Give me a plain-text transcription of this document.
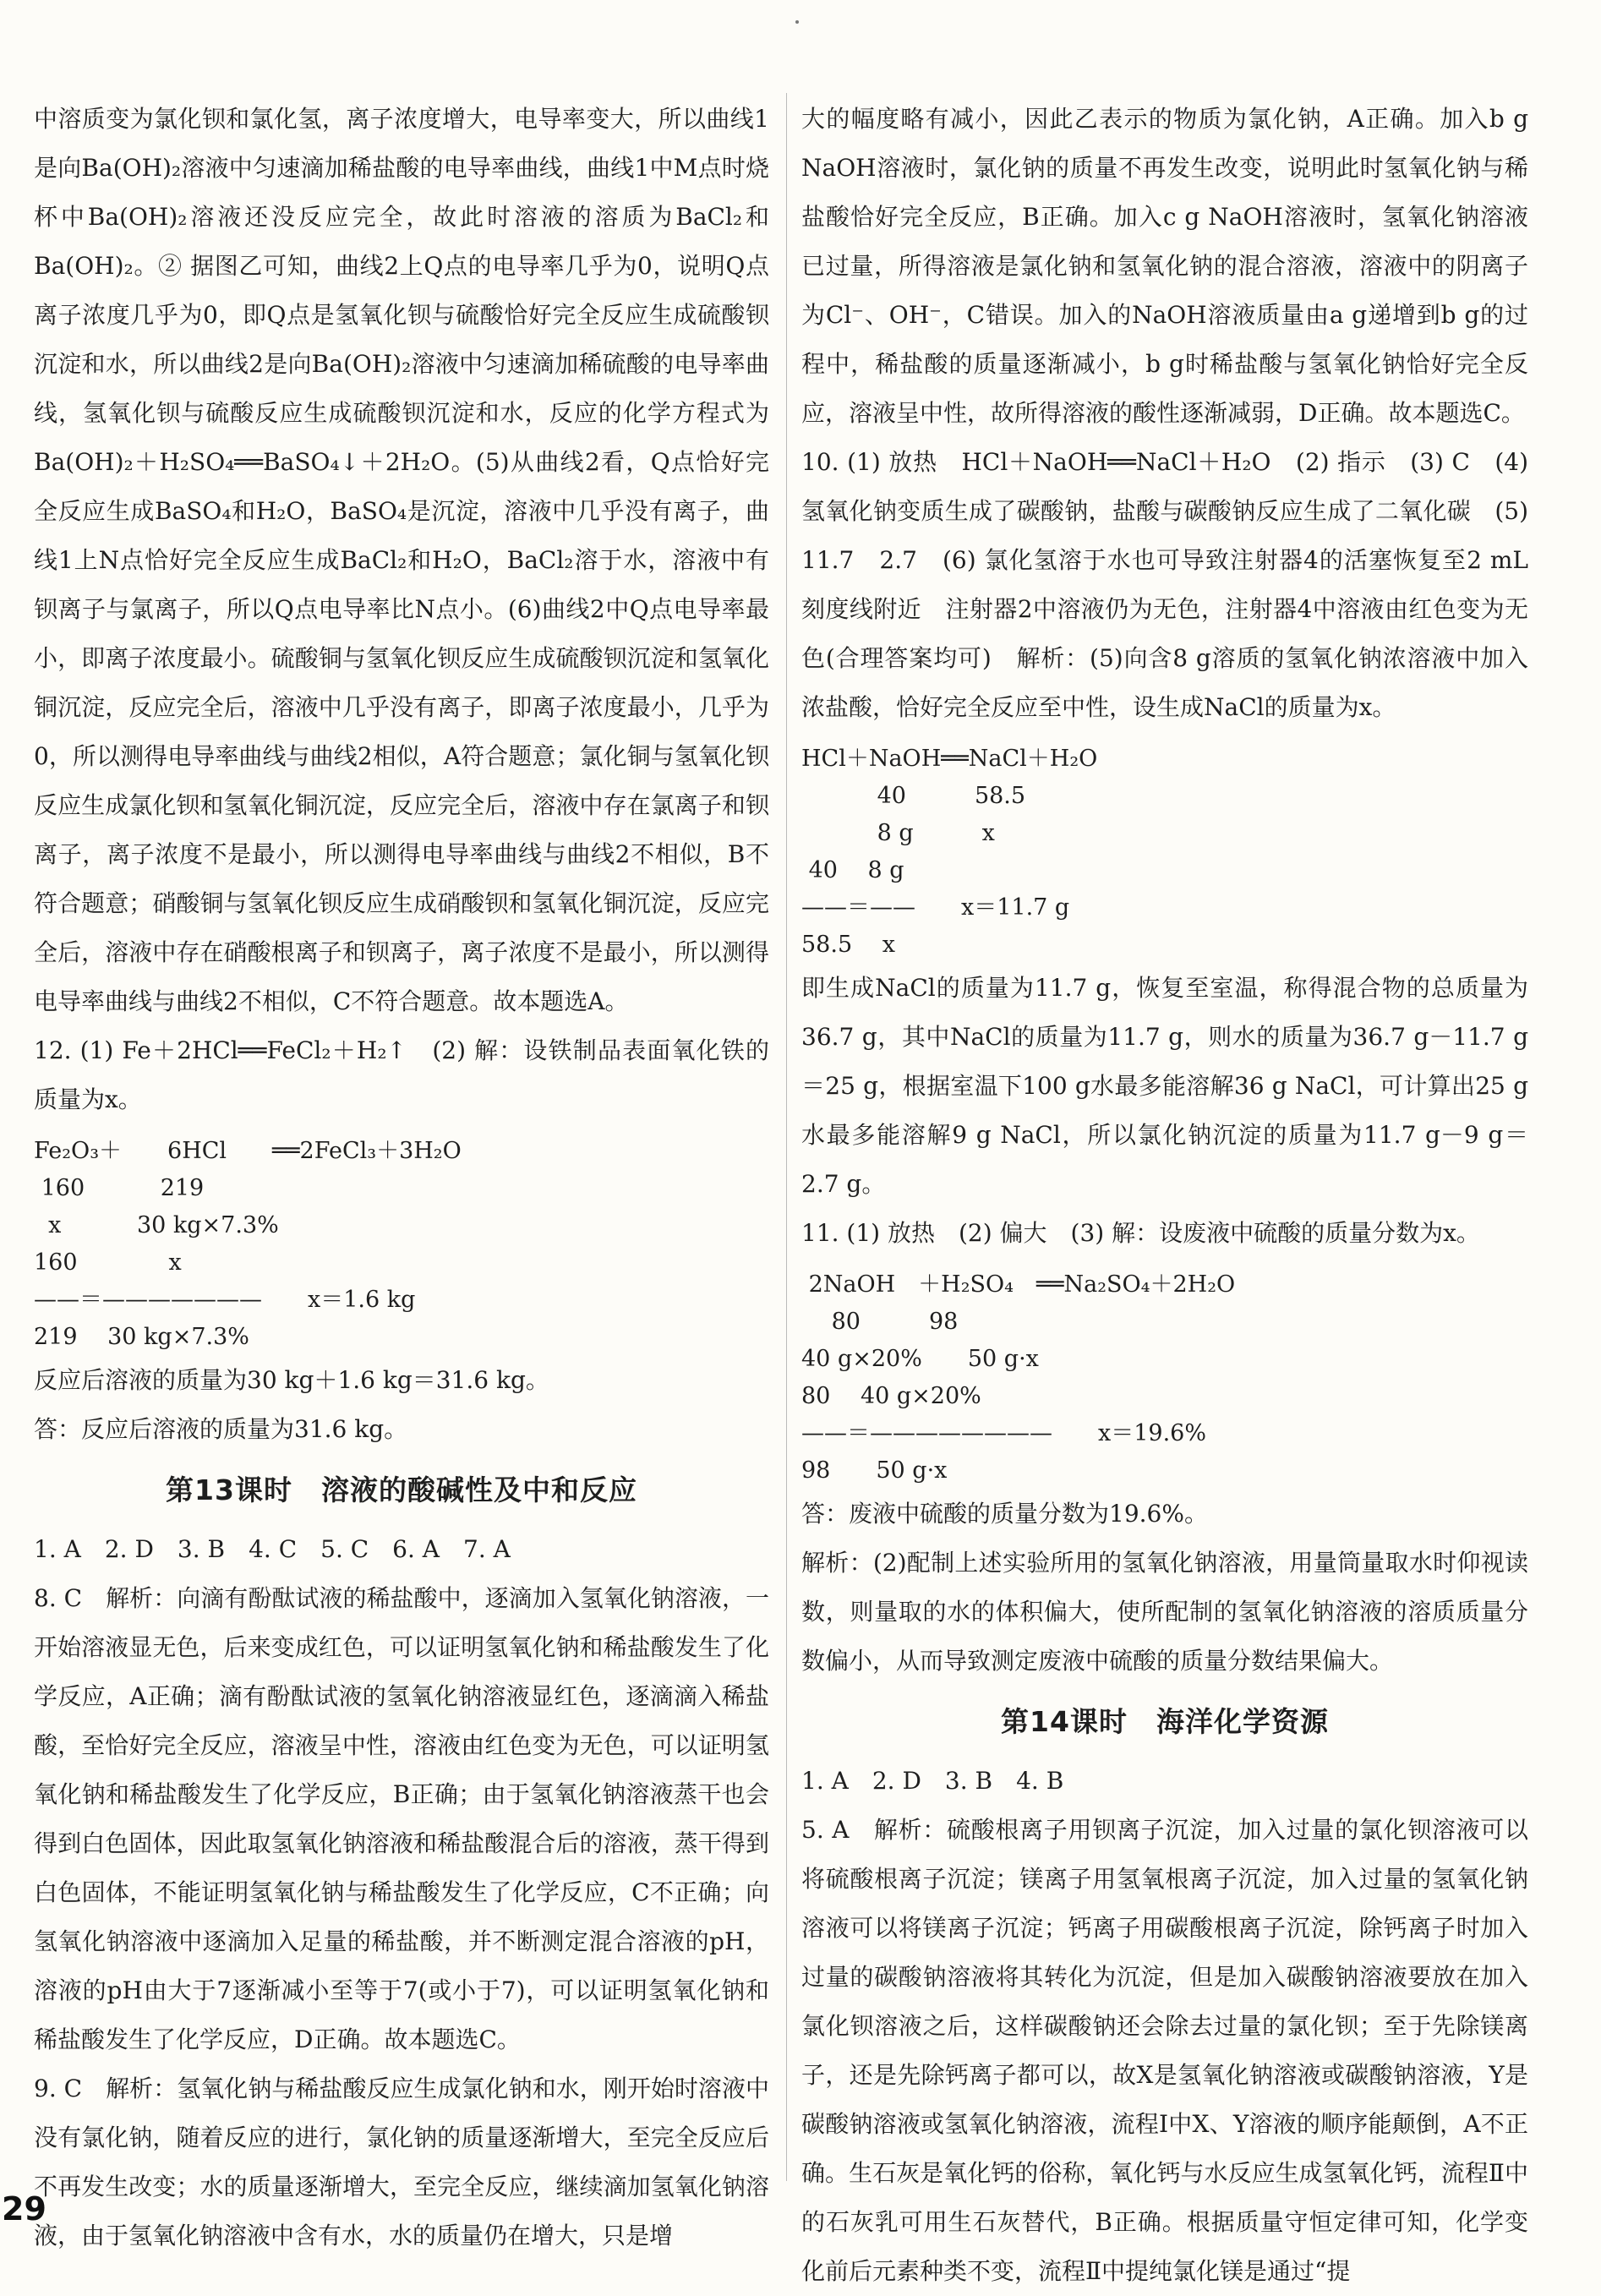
中溶质变为氯化钡和氯化氢，离子浓度增大，电导率变大，所以曲线1是向Ba(OH)₂溶液中匀速滴加稀盐酸的电导率曲线，曲线1中M点时烧杯中Ba(OH)₂溶液还没反应完全，故此时溶液的溶质为BaCl₂和Ba(OH)₂。② 据图乙可知，曲线2上Q点的电导率几乎为0，说明Q点离子浓度几乎为0，即Q点是氢氧化钡与硫酸恰好完全反应生成硫酸钡沉淀和水，所以曲线2是向Ba(OH)₂溶液中匀速滴加稀硫酸的电导率曲线，氢氧化钡与硫酸反应生成硫酸钡沉淀和水，反应的化学方程式为Ba(OH)₂＋H₂SO₄══BaSO₄↓＋2H₂O。(5)从曲线2看，Q点恰好完全反应生成BaSO₄和H₂O，BaSO₄是沉淀，溶液中几乎没有离子，曲线1上N点恰好完全反应生成BaCl₂和H₂O，BaCl₂溶于水，溶液中有钡离子与氯离子，所以Q点电导率比N点小。(6)曲线2中Q点电导率最小，即离子浓度最小。硫酸铜与氢氧化钡反应生成硫酸钡沉淀和氢氧化铜沉淀，反应完全后，溶液中几乎没有离子，即离子浓度最小，几乎为0，所以测得电导率曲线与曲线2相似，A符合题意；氯化铜与氢氧化钡反应生成氯化钡和氢氧化铜沉淀，反应完全后，溶液中存在氯离子和钡离子，离子浓度不是最小，所以测得电导率曲线与曲线2不相似，B不符合题意；硝酸铜与氢氧化钡反应生成硝酸钡和氢氧化铜沉淀，反应完全后，溶液中存在硝酸根离子和钡离子，离子浓度不是最小，所以测得电导率曲线与曲线2不相似，C不符合题意。故本题选A。

12. (1) Fe＋2HCl══FeCl₂＋H₂↑　(2) 解：设铁制品表面氧化铁的质量为x。

Fe₂O₃＋　　6HCl　　══2FeCl₃＋3H₂O
160　　　 219
x　　　 30 kg×7.3%

160　　　　x
——＝———————　　x＝1.6 kg
219　 30 kg×7.3%

反应后溶液的质量为30 kg＋1.6 kg＝31.6 kg。

答：反应后溶液的质量为31.6 kg。

第13课时　溶液的酸碱性及中和反应

1. A　2. D　3. B　4. C　5. C　6. A　7. A

8. C　解析：向滴有酚酞试液的稀盐酸中，逐滴加入氢氧化钠溶液，一开始溶液显无色，后来变成红色，可以证明氢氧化钠和稀盐酸发生了化学反应，A正确；滴有酚酞试液的氢氧化钠溶液显红色，逐滴滴入稀盐酸，至恰好完全反应，溶液呈中性，溶液由红色变为无色，可以证明氢氧化钠和稀盐酸发生了化学反应，B正确；由于氢氧化钠溶液蒸干也会得到白色固体，因此取氢氧化钠溶液和稀盐酸混合后的溶液，蒸干得到白色固体，不能证明氢氧化钠与稀盐酸发生了化学反应，C不正确；向氢氧化钠溶液中逐滴加入足量的稀盐酸，并不断测定混合溶液的pH，溶液的pH由大于7逐渐减小至等于7(或小于7)，可以证明氢氧化钠和稀盐酸发生了化学反应，D正确。故本题选C。

9. C　解析：氢氧化钠与稀盐酸反应生成氯化钠和水，刚开始时溶液中没有氯化钠，随着反应的进行，氯化钠的质量逐渐增大，至完全反应后不再发生改变；水的质量逐渐增大，至完全反应，继续滴加氢氧化钠溶液，由于氢氧化钠溶液中含有水，水的质量仍在增大，只是增

大的幅度略有减小，因此乙表示的物质为氯化钠，A正确。加入b g NaOH溶液时，氯化钠的质量不再发生改变，说明此时氢氧化钠与稀盐酸恰好完全反应，B正确。加入c g NaOH溶液时，氢氧化钠溶液已过量，所得溶液是氯化钠和氢氧化钠的混合溶液，溶液中的阴离子为Cl⁻、OH⁻，C错误。加入的NaOH溶液质量由a g递增到b g的过程中，稀盐酸的质量逐渐减小，b g时稀盐酸与氢氧化钠恰好完全反应，溶液呈中性，故所得溶液的酸性逐渐减弱，D正确。故本题选C。

10. (1) 放热　HCl＋NaOH══NaCl＋H₂O　(2) 指示　(3) C　(4) 氢氧化钠变质生成了碳酸钠，盐酸与碳酸钠反应生成了二氧化碳　(5) 11.7　2.7　(6) 氯化氢溶于水也可导致注射器4的活塞恢复至2 mL刻度线附近　注射器2中溶液仍为无色，注射器4中溶液由红色变为无色(合理答案均可)　解析：(5)向含8 g溶质的氢氧化钠浓溶液中加入浓盐酸，恰好完全反应至中性，设生成NaCl的质量为x。

HCl＋NaOH══NaCl＋H₂O
　　　 40　　　58.5
　　　 8 g　　　x

40　 8 g
——＝——　　x＝11.7 g
58.5　 x

即生成NaCl的质量为11.7 g，恢复至室温，称得混合物的总质量为36.7 g，其中NaCl的质量为11.7 g，则水的质量为36.7 g－11.7 g＝25 g，根据室温下100 g水最多能溶解36 g NaCl，可计算出25 g水最多能溶解9 g NaCl，所以氯化钠沉淀的质量为11.7 g－9 g＝2.7 g。

11. (1) 放热　(2) 偏大　(3) 解：设废液中硫酸的质量分数为x。

2NaOH　＋H₂SO₄　══Na₂SO₄＋2H₂O
　 80　　　98
40 g×20%　　50 g·x

80　 40 g×20%
——＝————————　　x＝19.6%
98　　50 g·x

答：废液中硫酸的质量分数为19.6%。

解析：(2)配制上述实验所用的氢氧化钠溶液，用量筒量取水时仰视读数，则量取的水的体积偏大，使所配制的氢氧化钠溶液的溶质质量分数偏小，从而导致测定废液中硫酸的质量分数结果偏大。

第14课时　海洋化学资源

1. A　2. D　3. B　4. B

5. A　解析：硫酸根离子用钡离子沉淀，加入过量的氯化钡溶液可以将硫酸根离子沉淀；镁离子用氢氧根离子沉淀，加入过量的氢氧化钠溶液可以将镁离子沉淀；钙离子用碳酸根离子沉淀，除钙离子时加入过量的碳酸钠溶液将其转化为沉淀，但是加入碳酸钠溶液要放在加入氯化钡溶液之后，这样碳酸钠还会除去过量的氯化钡；至于先除镁离子，还是先除钙离子都可以，故X是氢氧化钠溶液或碳酸钠溶液，Y是碳酸钠溶液或氢氧化钠溶液，流程Ⅰ中X、Y溶液的顺序能颠倒，A不正确。生石灰是氧化钙的俗称，氧化钙与水反应生成氢氧化钙，流程Ⅱ中的石灰乳可用生石灰替代，B正确。根据质量守恒定律可知，化学变化前后元素种类不变，流程Ⅱ中提纯氯化镁是通过“提

29
